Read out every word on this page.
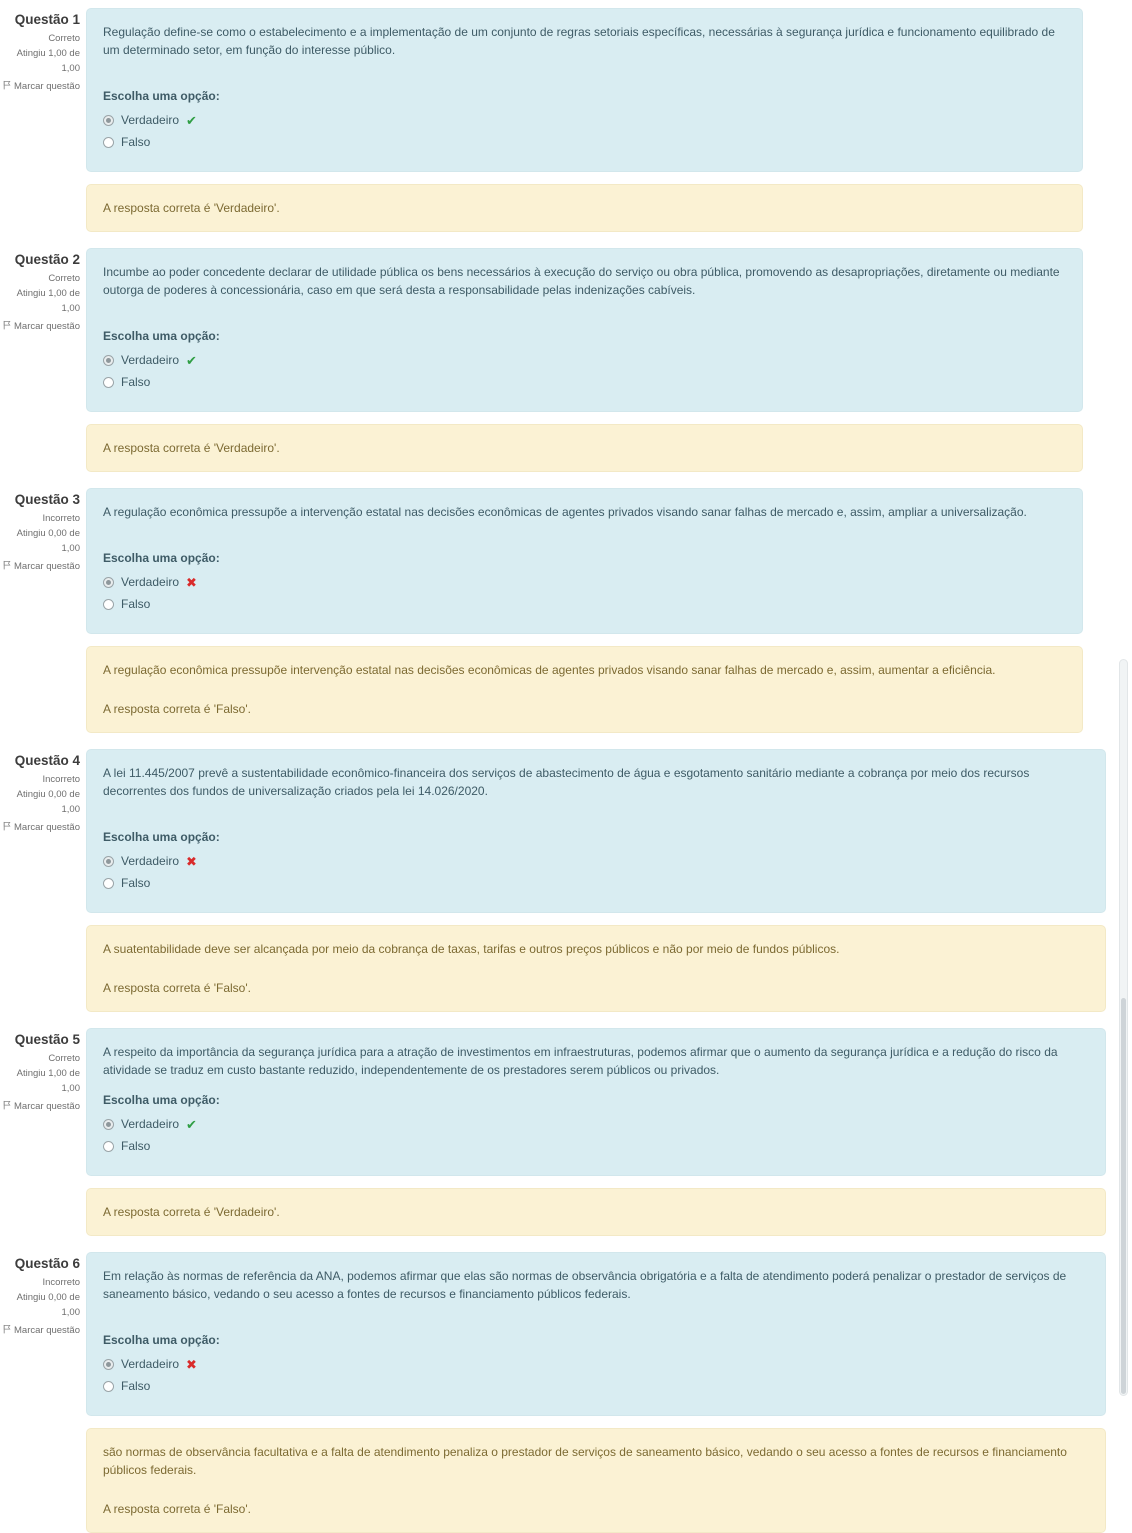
Questão 1
Correto
Atingiu 1,00 de 1,00
Marcar questão

Regulação define-se como o estabelecimento e a implementação de um conjunto de regras setoriais específicas, necessárias à segurança jurídica e funcionamento equilibrado de um determinado setor, em função do interesse público.

Escolha uma opção:

Verdadeiro ✔
Falso

A resposta correta é 'Verdadeiro'.

Questão 2
Correto
Atingiu 1,00 de 1,00
Marcar questão

Incumbe ao poder concedente declarar de utilidade pública os bens necessários à execução do serviço ou obra pública, promovendo as desapropriações, diretamente ou mediante outorga de poderes à concessionária, caso em que será desta a responsabilidade pelas indenizações cabíveis.

Escolha uma opção:

Verdadeiro ✔
Falso

A resposta correta é 'Verdadeiro'.

Questão 3
Incorreto
Atingiu 0,00 de 1,00
Marcar questão

A regulação econômica pressupõe a intervenção estatal nas decisões econômicas de agentes privados visando sanar falhas de mercado e, assim, ampliar a universalização.

Escolha uma opção:

Verdadeiro ✖
Falso

A regulação econômica pressupõe intervenção estatal nas decisões econômicas de agentes privados visando sanar falhas de mercado e, assim, aumentar a eficiência.

A resposta correta é 'Falso'.

Questão 4
Incorreto
Atingiu 0,00 de 1,00
Marcar questão

A lei 11.445/2007 prevê a sustentabilidade econômico-financeira dos serviços de abastecimento de água e esgotamento sanitário mediante a cobrança por meio dos recursos decorrentes dos fundos de universalização criados pela lei 14.026/2020.

Escolha uma opção:

Verdadeiro ✖
Falso

A suatentabilidade deve ser alcançada por meio da cobrança de taxas, tarifas e outros preços públicos e não por meio de fundos públicos.

A resposta correta é 'Falso'.

Questão 5
Correto
Atingiu 1,00 de 1,00
Marcar questão

A respeito da importância da segurança jurídica para a atração de investimentos em infraestruturas, podemos afirmar que o aumento da segurança jurídica e a redução do risco da atividade se traduz em custo bastante reduzido, independentemente de os prestadores serem públicos ou privados.

Escolha uma opção:

Verdadeiro ✔
Falso

A resposta correta é 'Verdadeiro'.

Questão 6
Incorreto
Atingiu 0,00 de 1,00
Marcar questão

Em relação às normas de referência da ANA, podemos afirmar que elas são normas de observância obrigatória e a falta de atendimento poderá penalizar o prestador de serviços de saneamento básico, vedando o seu acesso a fontes de recursos e financiamento públicos federais.

Escolha uma opção:

Verdadeiro ✖
Falso

são normas de observância facultativa e a falta de atendimento penaliza o prestador de serviços de saneamento básico, vedando o seu acesso a fontes de recursos e financiamento públicos federais.

A resposta correta é 'Falso'.
